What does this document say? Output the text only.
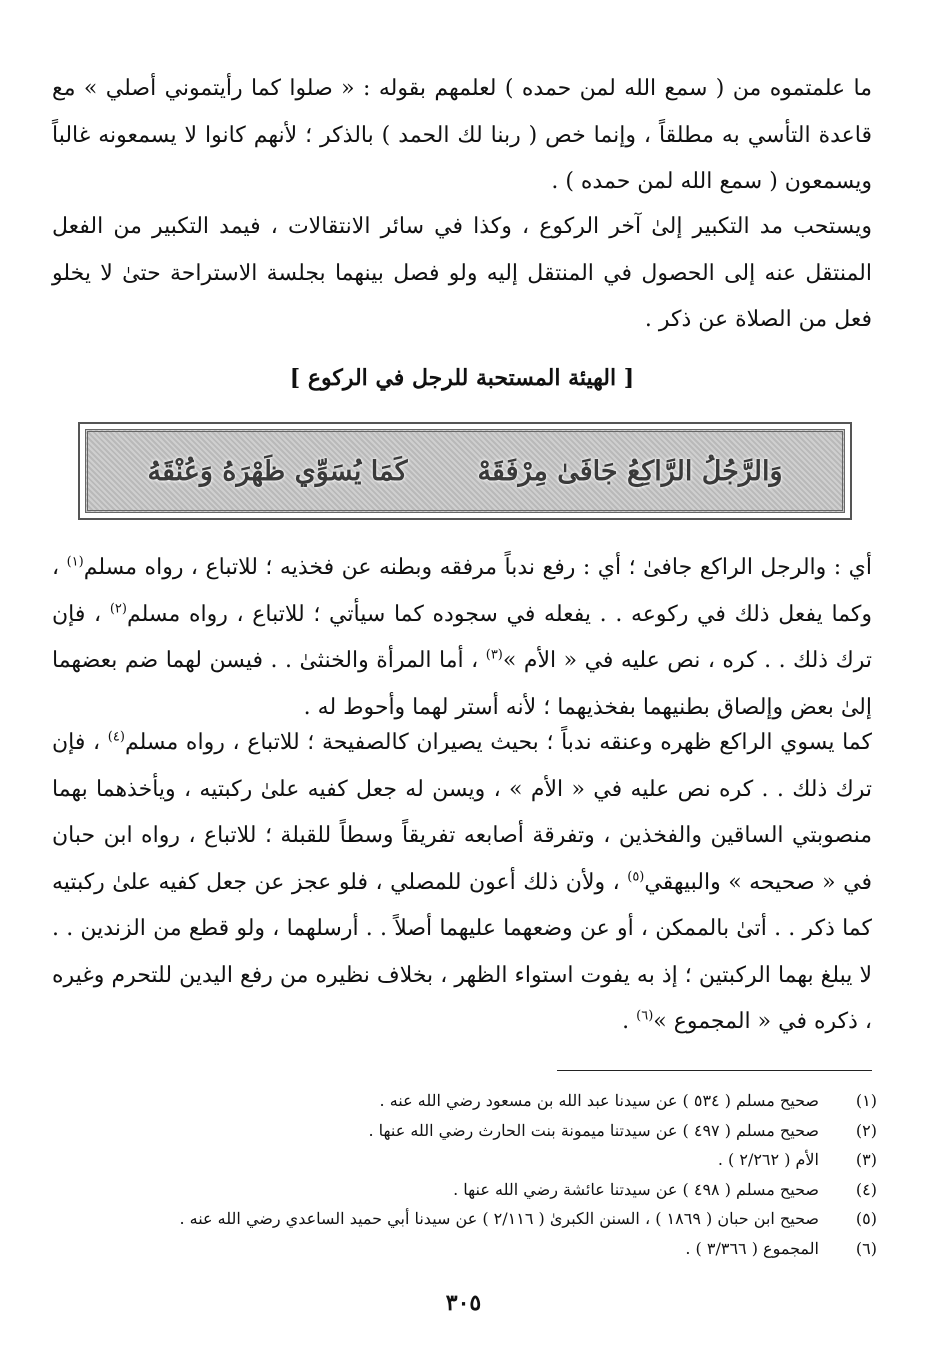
ما علمتموه من ( سمع الله لمن حمده ) لعلمهم بقوله : « صلوا كما رأيتموني أصلي » مع قاعدة التأسي به مطلقاً ، وإنما خص ( ربنا لك الحمد ) بالذكر ؛ لأنهم كانوا لا يسمعونه غالباً ويسمعون ( سمع الله لمن حمده ) .

ويستحب مد التكبير إلىٰ آخر الركوع ، وكذا في سائر الانتقالات ، فيمد التكبير من الفعل المنتقل عنه إلى الحصول في المنتقل إليه ولو فصل بينهما بجلسة الاستراحة حتىٰ لا يخلو فعل من الصلاة عن ذكر .

[ الهيئة المستحبة للرجل في الركوع ]
وَالرَّجُلُ الرَّاكِعُ جَافَىٰ مِرْفَقَهْ
كَمَا يُسَوِّي ظَهْرَهُ وَعُنْقَهُ

أي : والرجل الراكع جافىٰ ؛ أي : رفع ندباً مرفقه وبطنه عن فخذيه ؛ للاتباع ، رواه مسلم$^{(١)}$ ، وكما يفعل ذلك في ركوعه . . يفعله في سجوده كما سيأتي ؛ للاتباع ، رواه مسلم$^{(٢)}$ ، فإن ترك ذلك . . كره ، نص عليه في « الأم »$^{(٣)}$ ، أما المرأة والخنثىٰ . . فيسن لهما ضم بعضهما إلىٰ بعض وإلصاق بطنيهما بفخذيهما ؛ لأنه أستر لهما وأحوط له .

كما يسوي الراكع ظهره وعنقه ندباً ؛ بحيث يصيران كالصفيحة ؛ للاتباع ، رواه مسلم$^{(٤)}$ ، فإن ترك ذلك . . كره نص عليه في « الأم » ، ويسن له جعل كفيه علىٰ ركبتيه ، ويأخذهما بهما منصوبتي الساقين والفخذين ، وتفرقة أصابعه تفريقاً وسطاً للقبلة ؛ للاتباع ، رواه ابن حبان في « صحيحه » والبيهقي$^{(٥)}$ ، ولأن ذلك أعون للمصلي ، فلو عجز عن جعل كفيه علىٰ ركبتيه كما ذكر . . أتىٰ بالممكن ، أو عن وضعهما عليهما أصلاً . . أرسلهما ، ولو قطع من الزندين . . لا يبلغ بهما الركبتين ؛ إذ به يفوت استواء الظهر ، بخلاف نظيره من رفع اليدين للتحرم وغيره ، ذكره في « المجموع »$^{(٦)}$ .

(١)
صحيح مسلم ( ٥٣٤ ) عن سيدنا عبد الله بن مسعود رضي الله عنه .
(٢)
صحيح مسلم ( ٤٩٧ ) عن سيدتنا ميمونة بنت الحارث رضي الله عنها .
(٣)
الأم ( ٢/٢٦٢ ) .
(٤)
صحيح مسلم ( ٤٩٨ ) عن سيدتنا عائشة رضي الله عنها .
(٥)
صحيح ابن حبان ( ١٨٦٩ ) ، السنن الكبرىٰ ( ٢/١١٦ ) عن سيدنا أبي حميد الساعدي رضي الله عنه .
(٦)
المجموع ( ٣/٣٦٦ ) .
٣٠٥
